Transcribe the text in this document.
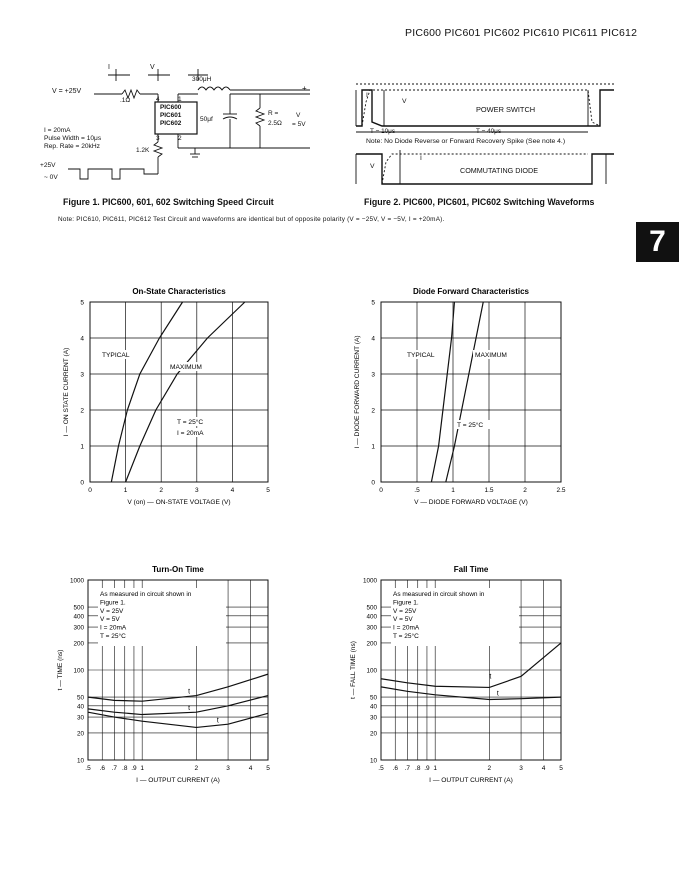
PIC600 PIC601 PIC602 PIC610 PIC611 PIC612
7
I	V
300μH
V = +25V
.1Ω	4	1
PIC600
PIC601
PIC602
3	2
50μf
R =
2.5Ω
V
= 5V
+
I = 20mA
Pulse Width = 10μs
Rep. Rate = 20kHz
1.2K
+25V
~ 0V
Figure 1. PIC600, 601, 602 Switching Speed Circuit
I
V
POWER SWITCH
T = 10μs	T = 40μs
Note: No Diode Reverse or Forward Recovery Spike (See note 4.)
V
I
COMMUTATING DIODE
Figure 2. PIC600, PIC601, PIC602 Switching Waveforms
Note: PIC610, PIC611, PIC612 Test Circuit and waveforms are identical but of opposite polarity (V = −25V, V = −5V, I = +20mA).
On-State Characteristics
0	1	2	3	4	5
0
1
2
3
4
5
V (on) — ON-STATE VOLTAGE (V)
I — ON STATE CURRENT (A)	TYPICAL
MAXIMUM
T = 25°C
I = 20mA
Diode Forward Characteristics
0	.5	1	1.5	2	2.5
0
1
2
3
4
5
V — DIODE FORWARD VOLTAGE (V)
I — DIODE FORWARD CURRENT (A)	TYPICAL	MAXIMUM
T = 25°C
Turn-On Time
.5 .6 .7 .8 .9 1	2	3	4 5
10
20
30
40
50
100
200
300
400
500
1000
I — OUTPUT CURRENT (A)
t — TIME (ns)
As measured in circuit shown in
Figure 1.
V = 25V
V = 5V
I = 20mA
T = 25°C
t
t
t
Fall Time
.5 .6 .7 .8 .9 1	2	3	4 5
10
20
30
40
50
100
200
300
400
500
1000
I — OUTPUT CURRENT (A)
t — FALL TIME (ns)
As measured in circuit shown in
Figure 1.
V = 25V
V = 5V
I = 20mA
T = 25°C
t
t
